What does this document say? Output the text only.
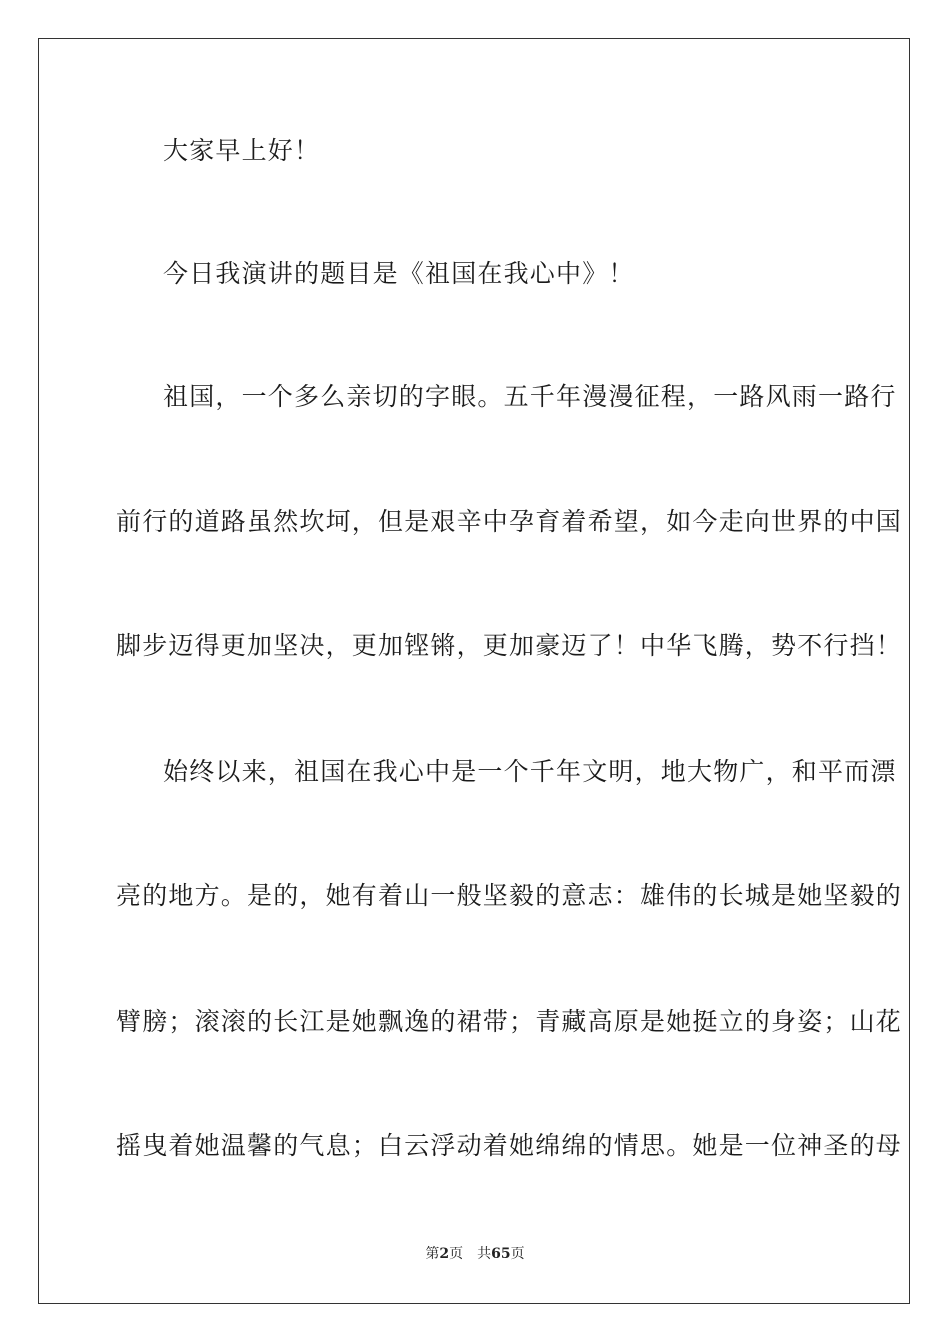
大家早上好！
今日我演讲的题目是《祖国在我心中》！
祖国，一个多么亲切的字眼。五千年漫漫征程，一路风雨一路行
前行的道路虽然坎坷，但是艰辛中孕育着希望，如今走向世界的中国
脚步迈得更加坚决，更加铿锵，更加豪迈了！中华飞腾，势不行挡！
始终以来，祖国在我心中是一个千年文明，地大物广，和平而漂
亮的地方。是的，她有着山一般坚毅的意志：雄伟的长城是她坚毅的
臂膀；滚滚的长江是她飘逸的裙带；青藏高原是她挺立的身姿；山花
摇曳着她温馨的气息；白云浮动着她绵绵的情思。她是一位神圣的母
第2页 共65页
